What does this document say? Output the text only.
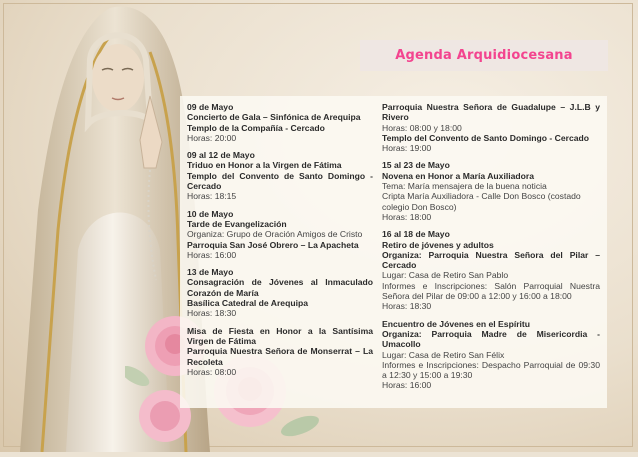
Agenda Arquidiocesana
09 de Mayo
Concierto de Gala – Sinfónica de Arequipa
Templo de la Compañía - Cercado
Horas: 20:00
09 al 12 de Mayo
Triduo en Honor a la Virgen de Fátima
Templo del Convento de Santo Domingo - Cercado
Horas: 18:15
10 de Mayo
Tarde de Evangelización
Organiza: Grupo de Oración Amigos de Cristo
Parroquia San José Obrero – La Apacheta
Horas: 16:00
13 de Mayo
Consagración de Jóvenes al Inmaculado Corazón de María
Basílica Catedral de Arequipa
Horas: 18:30
Misa de Fiesta en Honor a la Santísima Virgen de Fátima
Parroquia Nuestra Señora de Monserrat – La Recoleta
Horas: 08:00
Parroquia Nuestra Señora de Guadalupe – J.L.B y Rivero
Horas: 08:00 y 18:00
Templo del Convento de Santo Domingo - Cercado
Horas: 19:00
15 al 23 de Mayo
Novena en Honor a María Auxiliadora
Tema: María mensajera de la buena noticia
Cripta María Auxiliadora - Calle Don Bosco (costado colegio Don Bosco)
Horas: 18:00
16 al 18 de Mayo
Retiro de jóvenes y adultos
Organiza: Parroquia Nuestra Señora del Pilar – Cercado
Lugar: Casa de Retiro San Pablo
Informes e Inscripciones: Salón Parroquial Nuestra Señora del Pilar de 09:00 a 12:00 y 16:00 a 18:00
Horas: 18:30
Encuentro de Jóvenes en el Espíritu
Organiza: Parroquia Madre de Misericordia - Umacollo
Lugar: Casa de Retiro San Félix
Informes e Inscripciones: Despacho Parroquial de 09:30 a 12:30 y 15:00 a 19:30
Horas: 16:00
